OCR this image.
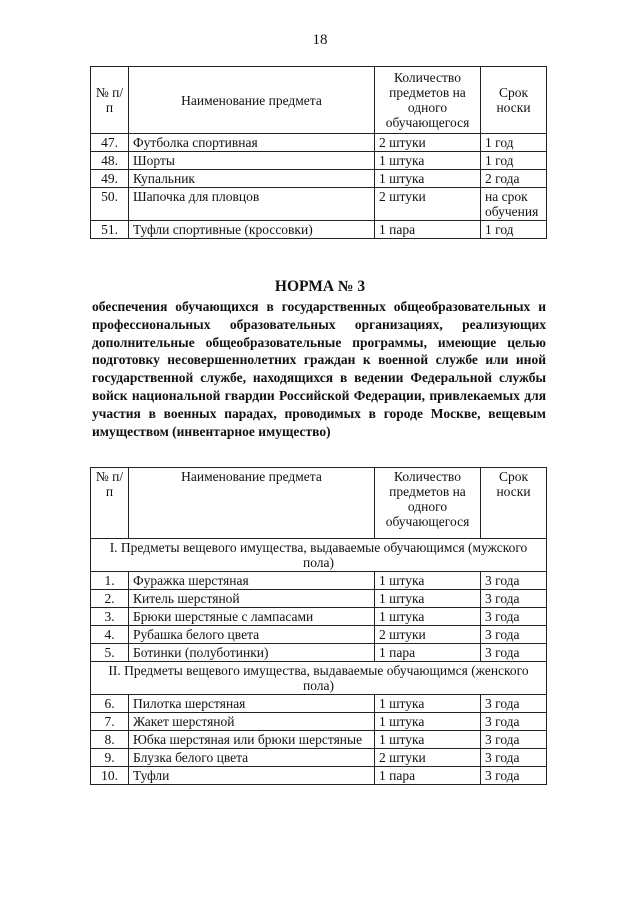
18
№ п/п	Наименование предмета	Количество предметов на одного обучающегося	Срок носки
47.	Футболка спортивная	2 штуки	1 год
48.	Шорты	1 штука	1 год
49.	Купальник	1 штука	2 года
50.	Шапочка для пловцов	2 штуки	на срок обучения
51.	Туфли спортивные (кроссовки)	1 пара	1 год
НОРМА № 3
обеспечения обучающихся в государственных общеобразовательных и профессиональных образовательных организациях, реализующих дополнительные общеобразовательные программы, имеющие целью подготовку несовершеннолетних граждан к военной службе или иной государственной службе, находящихся в ведении Федеральной службы войск национальной гвардии Российской Федерации, привлекаемых для участия в военных парадах, проводимых в городе Москве, вещевым имуществом (инвентарное имущество)
№ п/п	Наименование предмета	Количество предметов на одного обучающегося	Срок носки
I. Предметы вещевого имущества, выдаваемые обучающимся (мужского пола)			
1.	Фуражка шерстяная	1 штука	3 года
2.	Китель шерстяной	1 штука	3 года
3.	Брюки шерстяные с лампасами	1 штука	3 года
4.	Рубашка белого цвета	2 штуки	3 года
5.	Ботинки (полуботинки)	1 пара	3 года
II. Предметы вещевого имущества, выдаваемые обучающимся (женского пола)			
6.	Пилотка шерстяная	1 штука	3 года
7.	Жакет шерстяной	1 штука	3 года
8.	Юбка шерстяная или брюки шерстяные	1 штука	3 года
9.	Блузка белого цвета	2 штуки	3 года
10.	Туфли	1 пара	3 года
